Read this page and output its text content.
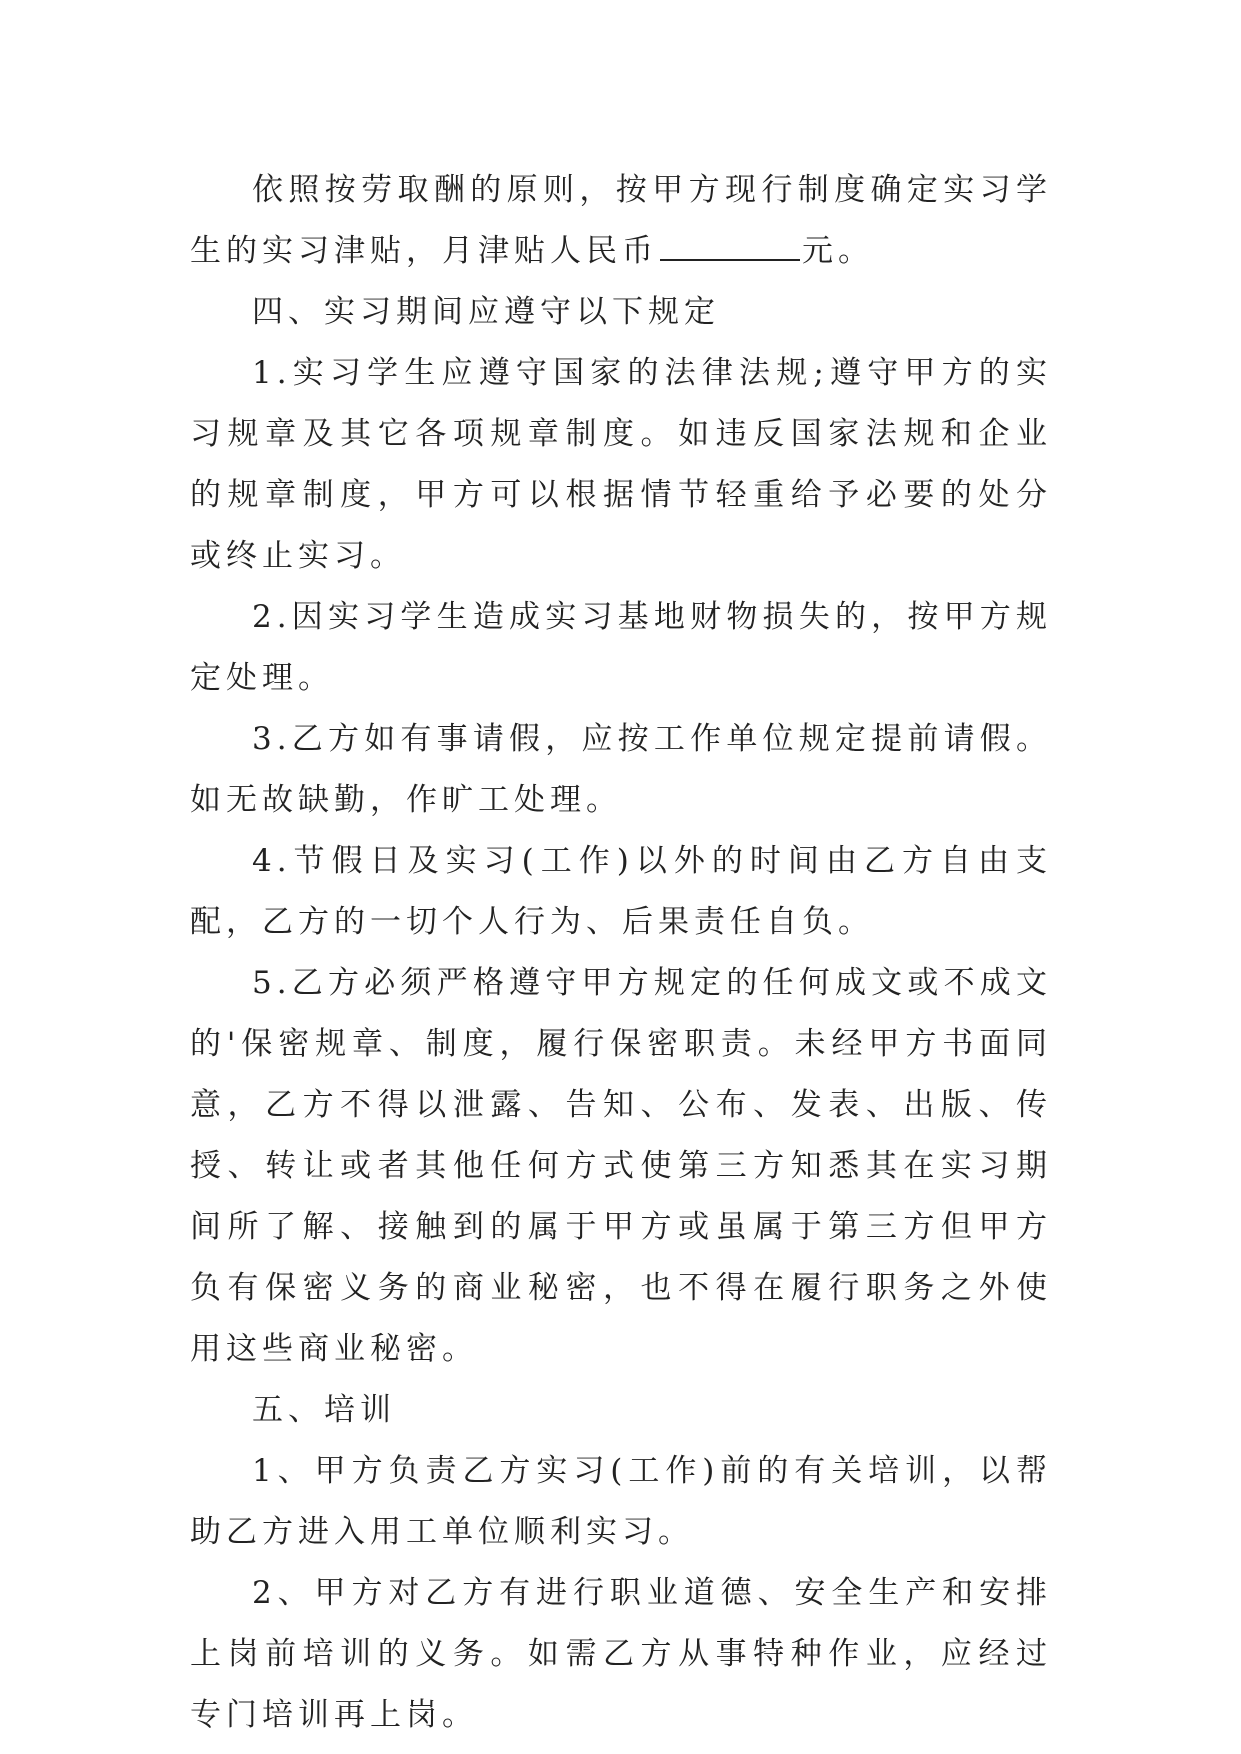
依照按劳取酬的原则，按甲方现行制度确定实习学生的实习津贴，月津贴人民币	元。

四、实习期间应遵守以下规定

1.实习学生应遵守国家的法律法规;遵守甲方的实习规章及其它各项规章制度。如违反国家法规和企业的规章制度，甲方可以根据情节轻重给予必要的处分或终止实习。

2.因实习学生造成实习基地财物损失的，按甲方规定处理。

3.乙方如有事请假，应按工作单位规定提前请假。如无故缺勤，作旷工处理。

4.节假日及实习(工作)以外的时间由乙方自由支配，乙方的一切个人行为、后果责任自负。

5.乙方必须严格遵守甲方规定的任何成文或不成文的'保密规章、制度，履行保密职责。未经甲方书面同意，乙方不得以泄露、告知、公布、发表、出版、传授、转让或者其他任何方式使第三方知悉其在实习期间所了解、接触到的属于甲方或虽属于第三方但甲方负有保密义务的商业秘密，也不得在履行职务之外使用这些商业秘密。

五、培训

1、甲方负责乙方实习(工作)前的有关培训，以帮助乙方进入用工单位顺利实习。

2、甲方对乙方有进行职业道德、安全生产和安排上岗前培训的义务。如需乙方从事特种作业，应经过专门培训再上岗。
